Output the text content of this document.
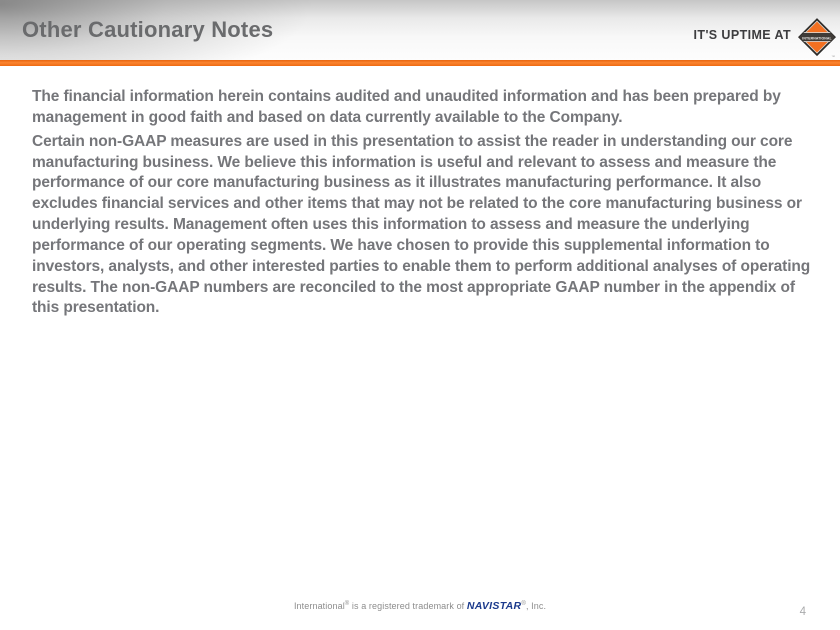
Other Cautionary Notes	IT'S UPTIME AT	INTERNATIONAL
™

The financial information herein contains audited and unaudited information and has been prepared by management in good faith and based on data currently available to the Company.

Certain non-GAAP measures are used in this presentation to assist the reader in understanding our core manufacturing business. We believe this information is useful and relevant to assess and measure the performance of our core manufacturing business as it illustrates manufacturing performance. It also excludes financial services and other items that may not be related to the core manufacturing business or underlying results. Management often uses this information to assess and measure the underlying performance of our operating segments. We have chosen to provide this supplemental information to investors, analysts, and other interested parties to enable them to perform additional analyses of operating results. The non-GAAP numbers are reconciled to the most appropriate GAAP number in the appendix of this presentation.

International® is a registered trademark of NAVISTAR®, Inc.	4
